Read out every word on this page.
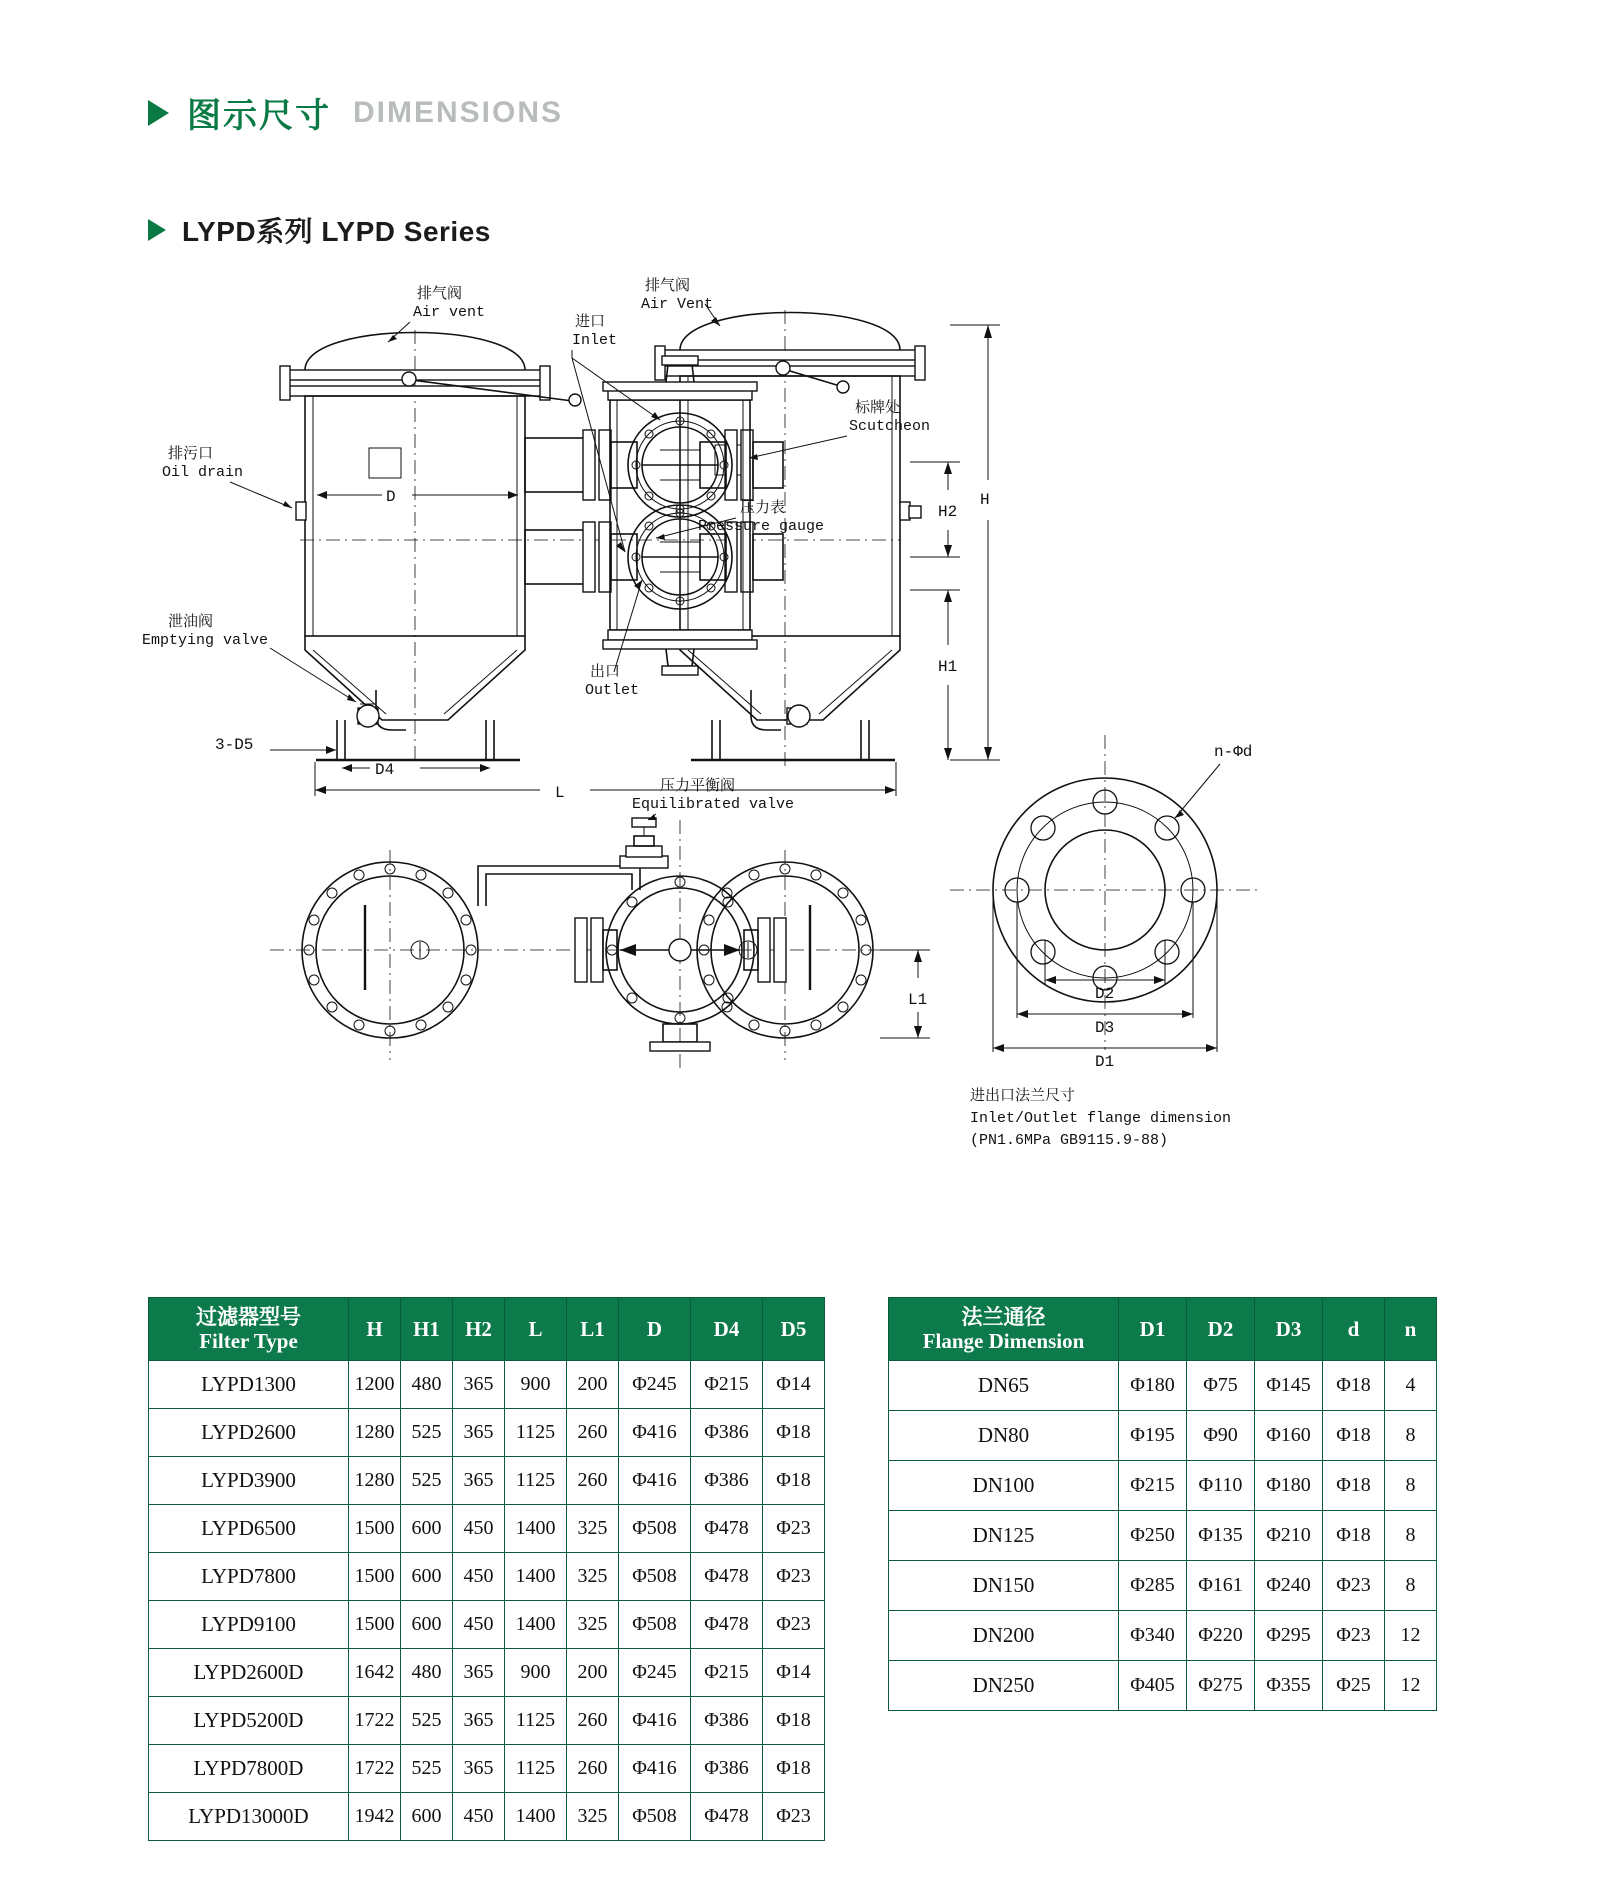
图示尺寸 DIMENSIONS
LYPD系列 LYPD Series
D	H
H2
H1
L
D4
3-D5
排气阀
Air vent
排气阀
Air Vent
进口
Inlet
标牌处
Scutcheon
排污口
Oil drain
压力表
Pressure gauge
泄油阀
Emptying valve
出口
Outlet
L1
压力平衡阀
Equilibrated valve
n-Φd
D2
D3
D1
进出口法兰尺寸
Inlet/Outlet flange dimension
(PN1.6MPa GB9115.9-88)
过滤器型号
Filter Type	H	H1	H2	L	L1	D	D4	D5
LYPD1300	1200	480	365	900	200	Φ245	Φ215	Φ14
LYPD2600	1280	525	365	1125	260	Φ416	Φ386	Φ18
LYPD3900	1280	525	365	1125	260	Φ416	Φ386	Φ18
LYPD6500	1500	600	450	1400	325	Φ508	Φ478	Φ23
LYPD7800	1500	600	450	1400	325	Φ508	Φ478	Φ23
LYPD9100	1500	600	450	1400	325	Φ508	Φ478	Φ23
LYPD2600D	1642	480	365	900	200	Φ245	Φ215	Φ14
LYPD5200D	1722	525	365	1125	260	Φ416	Φ386	Φ18
LYPD7800D	1722	525	365	1125	260	Φ416	Φ386	Φ18
LYPD13000D	1942	600	450	1400	325	Φ508	Φ478	Φ23
法兰通径
Flange Dimension	D1	D2	D3	d	n
DN65	Φ180	Φ75	Φ145	Φ18	4
DN80	Φ195	Φ90	Φ160	Φ18	8
DN100	Φ215	Φ110	Φ180	Φ18	8
DN125	Φ250	Φ135	Φ210	Φ18	8
DN150	Φ285	Φ161	Φ240	Φ23	8
DN200	Φ340	Φ220	Φ295	Φ23	12
DN250	Φ405	Φ275	Φ355	Φ25	12
